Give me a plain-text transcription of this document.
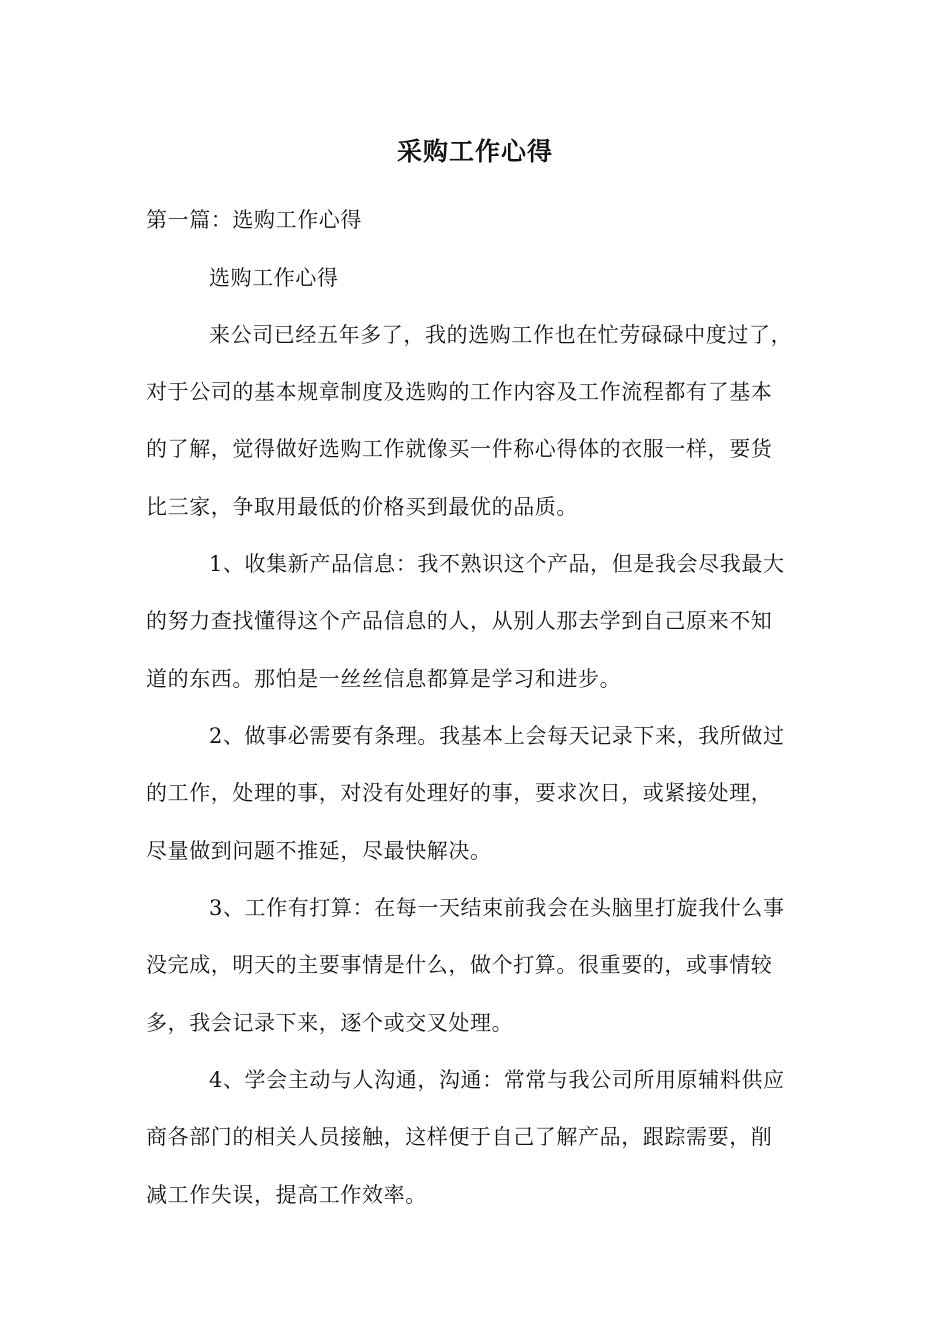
采购工作心得
第一篇：选购工作心得
选购工作心得
来公司已经五年多了，我的选购工作也在忙劳碌碌中度过了，
对于公司的基本规章制度及选购的工作内容及工作流程都有了基本
的了解，觉得做好选购工作就像买一件称心得体的衣服一样，要货
比三家，争取用最低的价格买到最优的品质。
1、收集新产品信息：我不熟识这个产品，但是我会尽我最大
的努力查找懂得这个产品信息的人，从别人那去学到自己原来不知
道的东西。那怕是一丝丝信息都算是学习和进步。
2、做事必需要有条理。我基本上会每天记录下来，我所做过
的工作，处理的事，对没有处理好的事，要求次日，或紧接处理，
尽量做到问题不推延，尽最快解决。
3、工作有打算：在每一天结束前我会在头脑里打旋我什么事
没完成，明天的主要事情是什么，做个打算。很重要的，或事情较
多，我会记录下来，逐个或交叉处理。
4、学会主动与人沟通，沟通：常常与我公司所用原辅料供应
商各部门的相关人员接触，这样便于自己了解产品，跟踪需要，削
减工作失误，提高工作效率。
